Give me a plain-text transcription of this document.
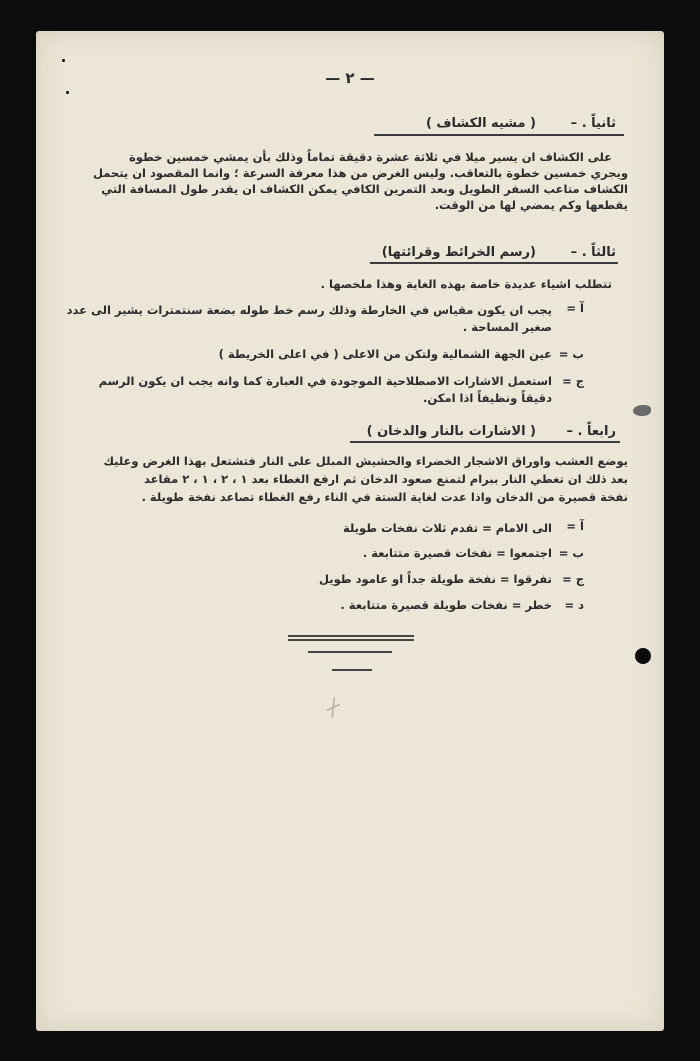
— ٢ —
ثانياً . –
( مشيه الكشاف )
على الكشاف ان يسير ميلا في ثلاثة عشرة دقيقة تماماً وذلك بأن يمشي خمسين خطوة
ويجري خمسين خطوة بالتعاقب. وليس الغرض من هذا معرفة السرعة ؛ وانما المقصود ان يتحمل
الكشاف متاعب السفر الطويل وبعد التمرين الكافي يمكن الكشاف ان يقدر طول المسافة التي
يقطعها وكم يمضي لها من الوقت.
ثالثاً . –
(رسم الخرائط وقرائتها)
تتطلب اشياء عديدة خاصة بهذه الغاية وهذا ملخصها .
آ =
يجب ان يكون مقياس في الخارطة وذلك رسم خط طوله بضعة سنتمترات يشير الى عدد
صغير المساحة .
ب =
عين الجهة الشمالية ولتكن من الاعلى ( في اعلى الخريطة )
ج =
استعمل الاشارات الاصطلاحية الموجودة في العبارة كما وانه يجب ان يكون الرسم
دقيقاً ونظيفاً اذا امكن.
رابعاً . –
( الاشارات بالنار والدخان )
يوضع العشب واوراق الاشجار الخضراء والحشيش المبلل على النار فتشتعل بهذا الغرض وعليك
بعد ذلك ان تغطي النار ببرام لتمنع صعود الدخان ثم ارفع الغطاء بعد ١ ، ٢ ، ١ ، ٢ مقاعد
نفخة قصيرة من الدخان واذا عدت لغاية الستة في الناء رفع الغطاء تصاعد نفخة طويلة .
آ =
الى الامام = تقدم ثلاث نفخات طويلة
ب =
اجتمعوا = نفخات قصيرة متتابعة .
ج =
تفرقوا = نفخة طويلة جداً او عامود طويل
د =
خطر = نفخات طويلة قصيرة متتابعة .
⌿
